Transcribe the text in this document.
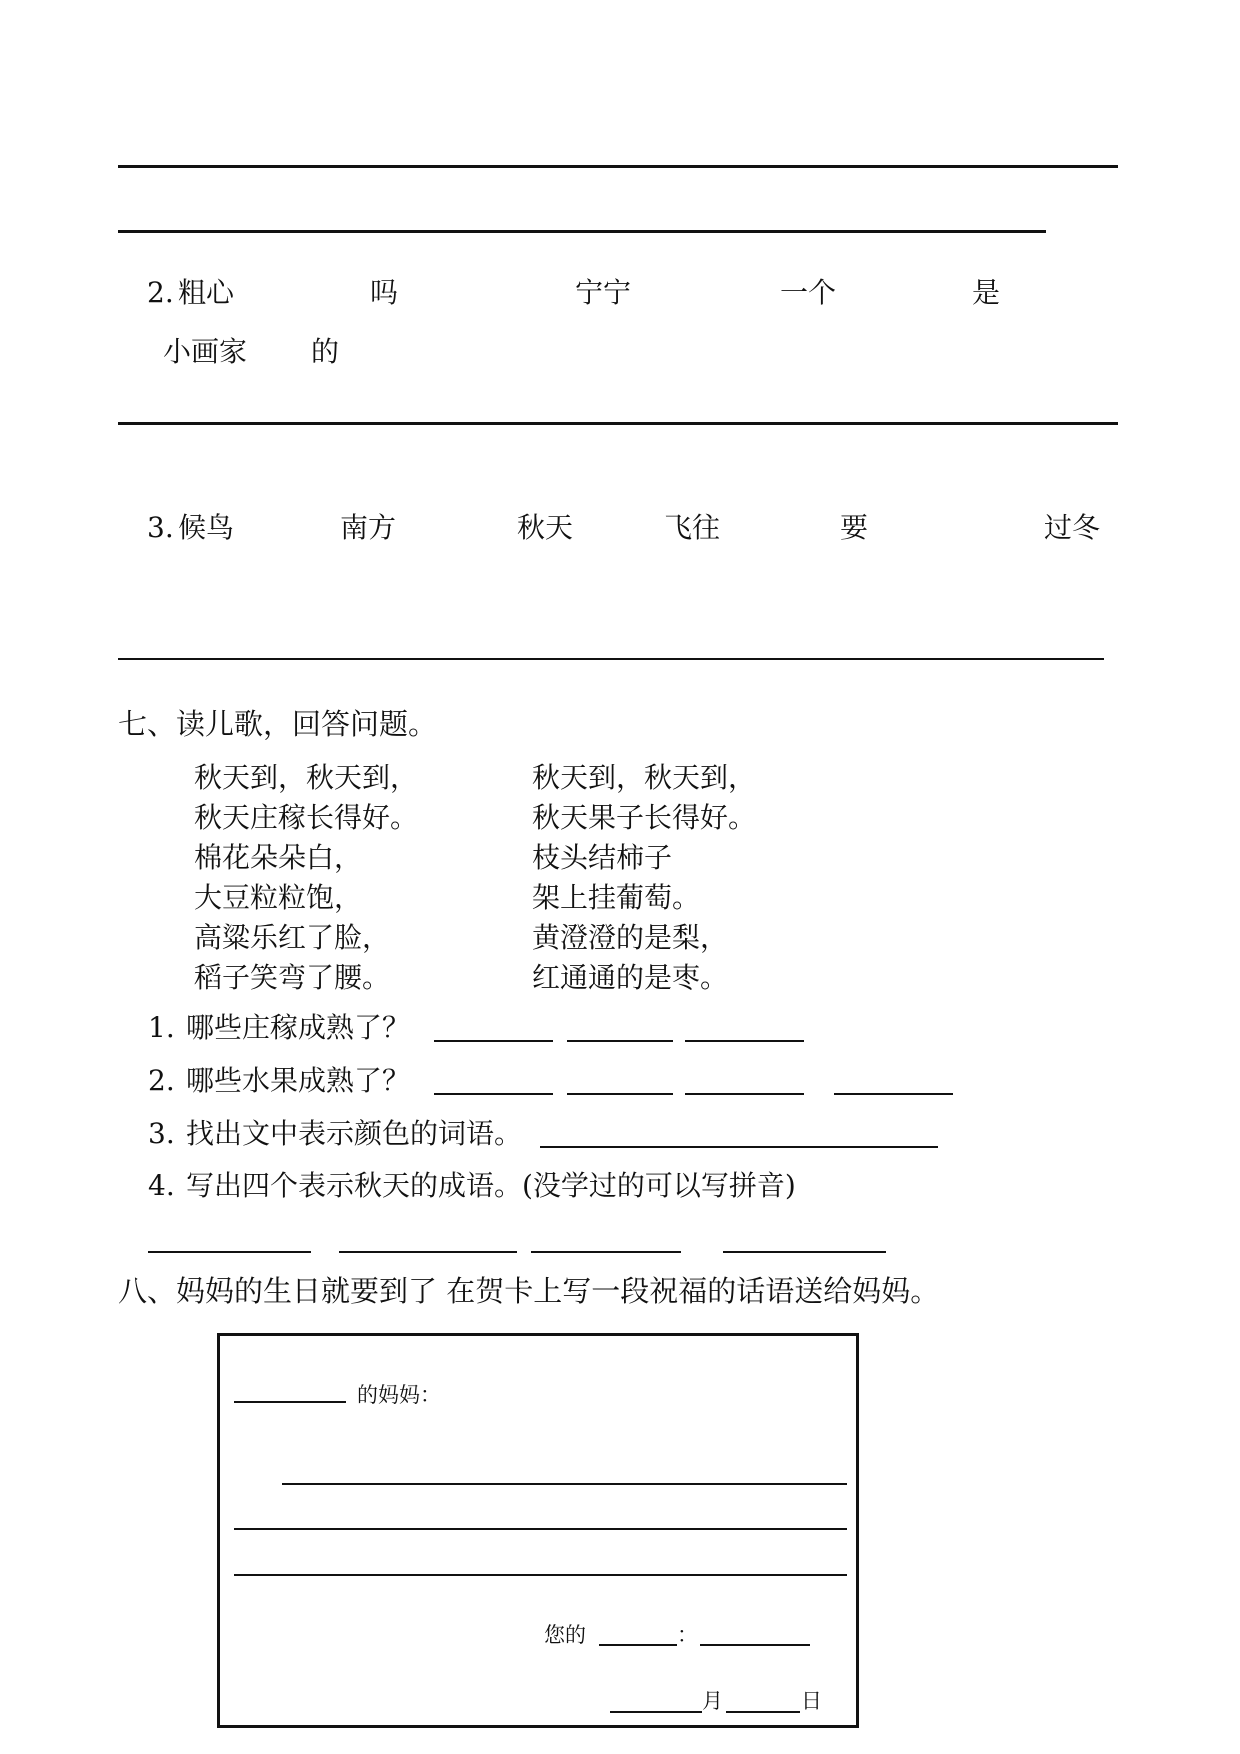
2. 粗心	吗	宁宁	一个	是
小画家 的
3. 候鸟	南方	秋天	飞往	要	过冬
七、读儿歌，回答问题。
秋天到，秋天到，
秋天庄稼长得好。
棉花朵朵白，
大豆粒粒饱，
高粱乐红了脸，
稻子笑弯了腰。
秋天到，秋天到，
秋天果子长得好。
枝头结柿子
架上挂葡萄。
黄澄澄的是梨，
红通通的是枣。
1. 哪些庄稼成熟了？
2. 哪些水果成熟了？
3. 找出文中表示颜色的词语。
4. 写出四个表示秋天的成语。(没学过的可以写拼音)
八、妈妈的生日就要到了 在贺卡上写一段祝福的话语送给妈妈。
的妈妈：
您的	：
月	日
